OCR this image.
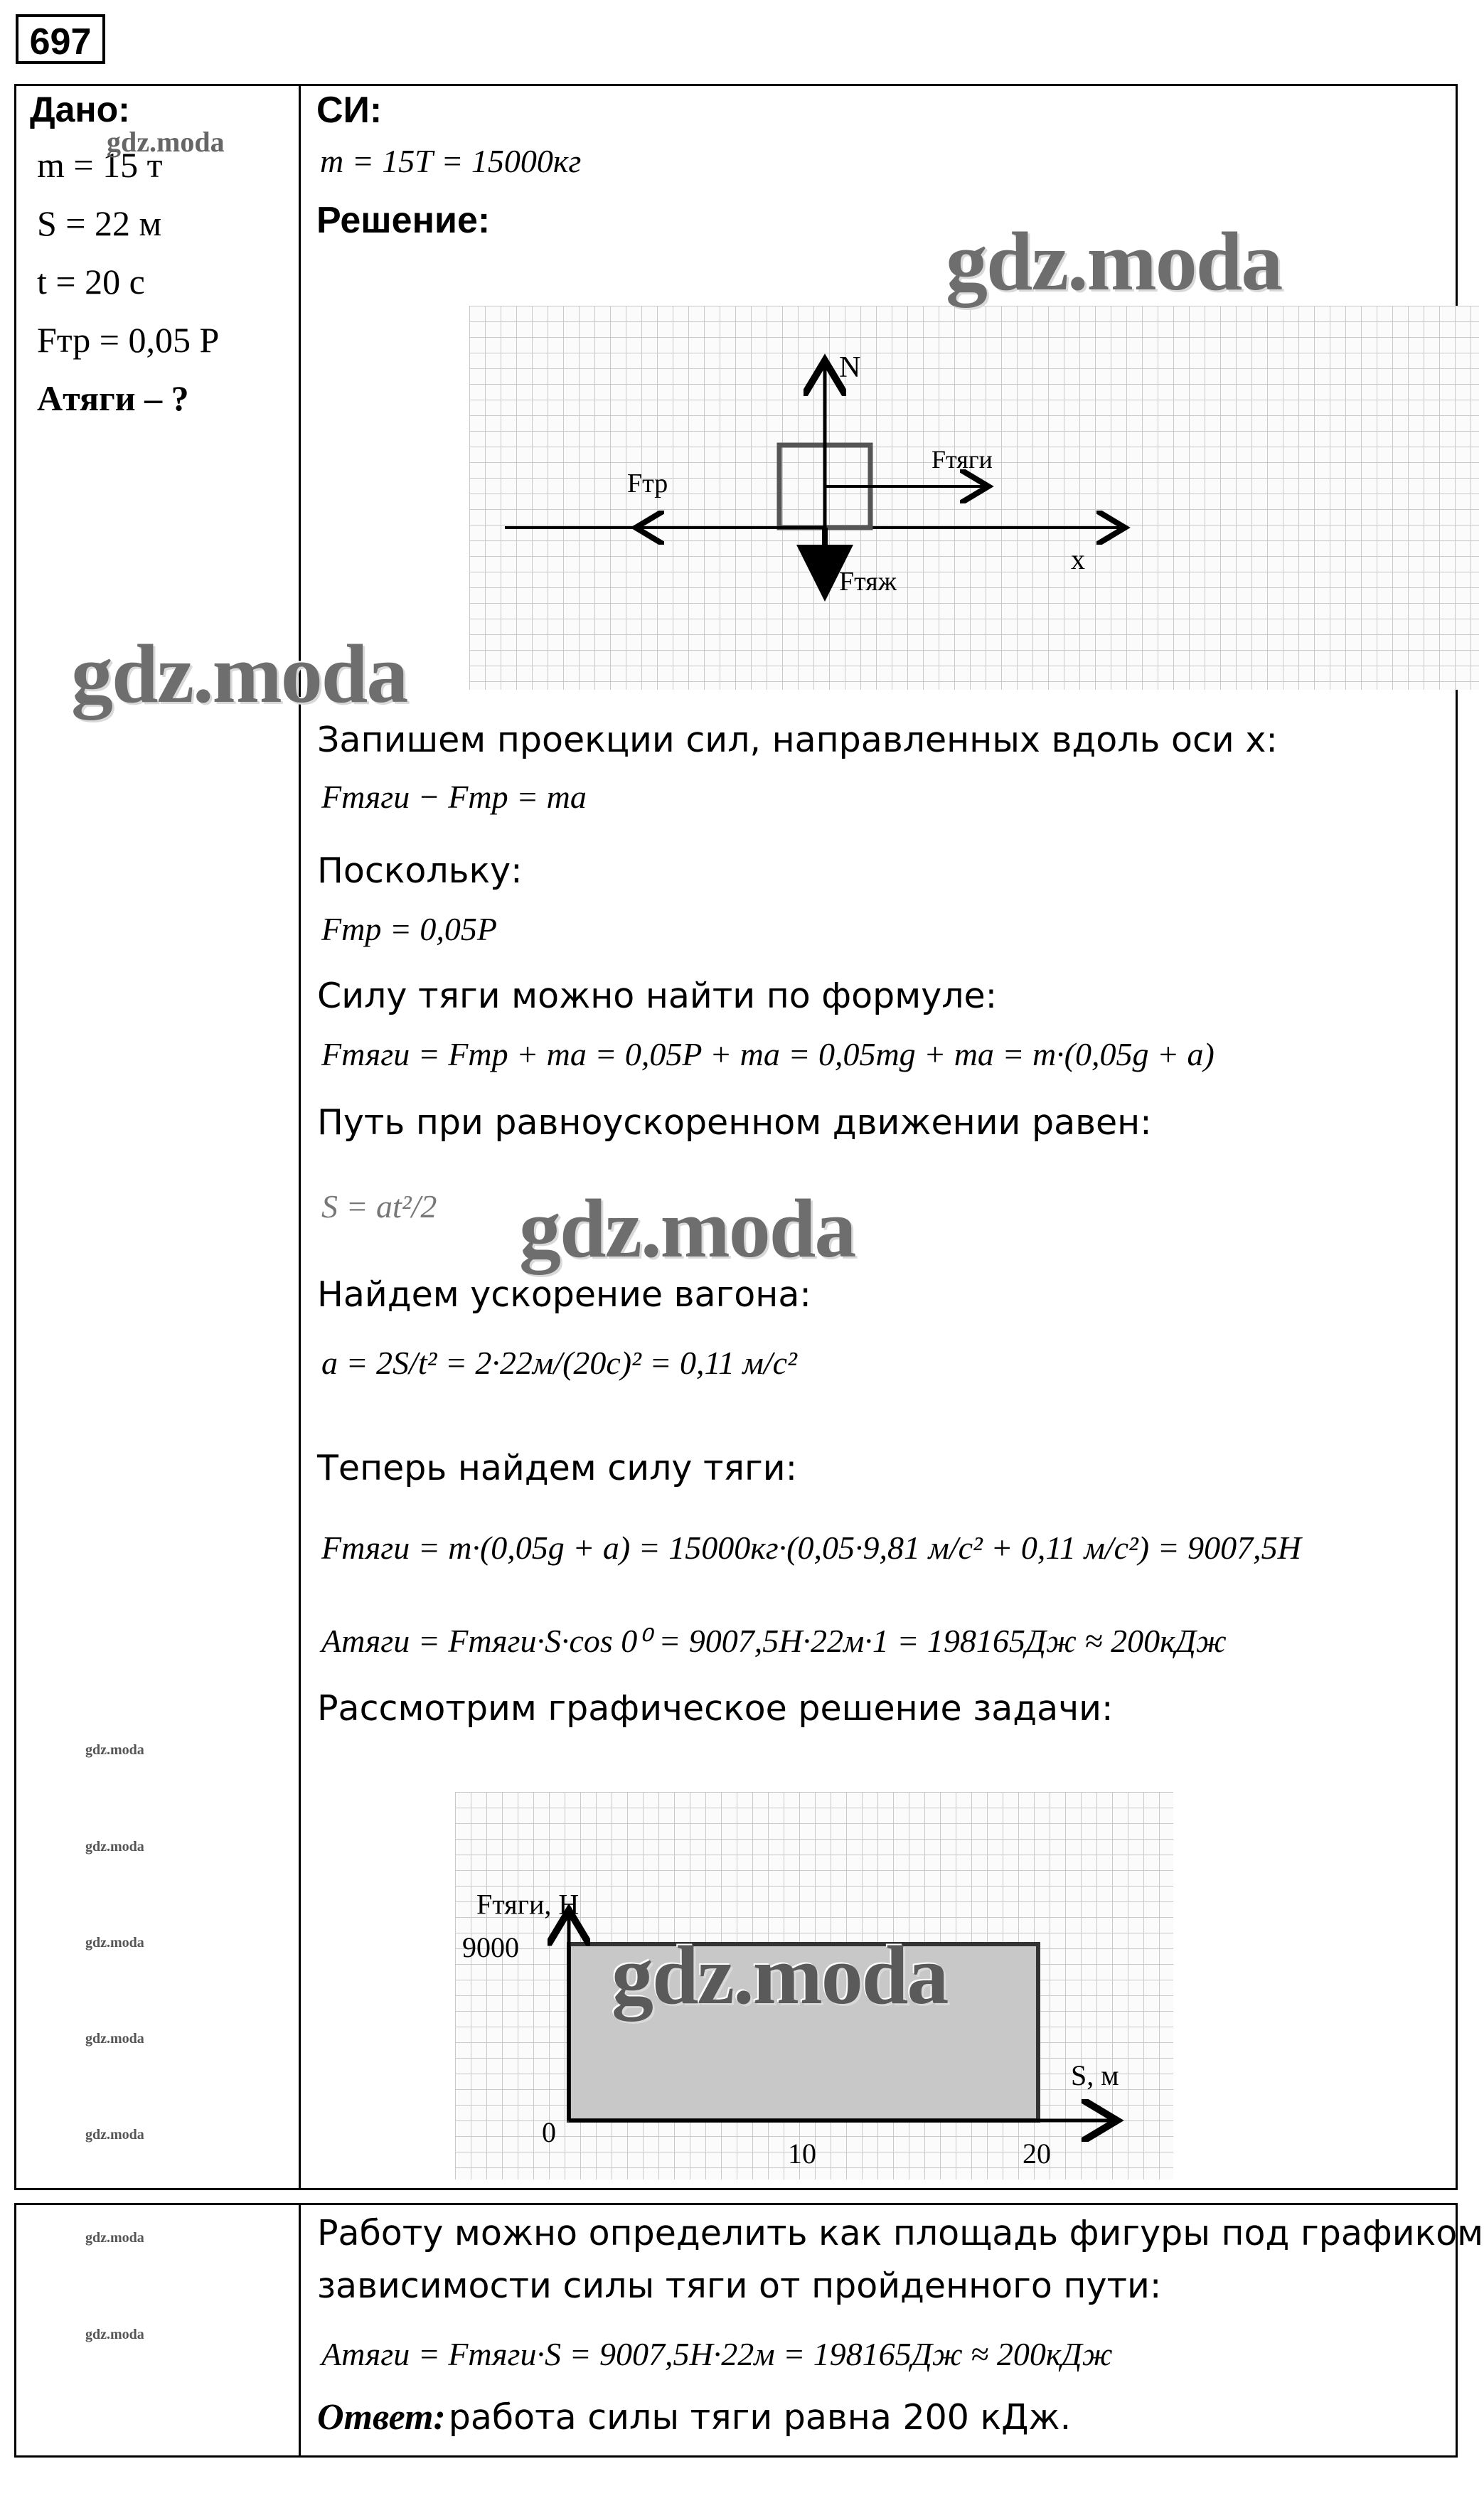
697
Дано:
m = 15 т
S = 22 м
t = 20 с
Fтр = 0,05 P
Aтяги – ?
СИ:
m = 15Т = 15000кг
Решение:
N
Fтяги
Fтр
Fтяж
x
Запишем проекции сил, направленных вдоль оси x:
Fтяги − Fтр = ma
Поскольку:
Fтр = 0,05P
Силу тяги можно найти по формуле:
Fтяги = Fтр + ma = 0,05P + ma = 0,05mg + ma = m·(0,05g + a)
Путь при равноускоренном движении равен:
S = at²/2
Найдем ускорение вагона:
a = 2S/t² = 2·22м/(20с)² = 0,11 м/с²
Теперь найдем силу тяги:
Fтяги = m·(0,05g + a) = 15000кг·(0,05·9,81 м/с² + 0,11 м/с²) = 9007,5Н
Aтяги = Fтяги·S·cos 0⁰ = 9007,5Н·22м·1 = 198165Дж ≈ 200кДж
Рассмотрим графическое решение задачи:
Fтяги, Н
S, м
0
10	20
9000
Работу можно определить как площадь фигуры под графиком
зависимости силы тяги от пройденного пути:
Aтяги = Fтяги·S = 9007,5Н·22м = 198165Дж ≈ 200кДж
Ответ: работа силы тяги равна 200 кДж.
gdz.moda
gdz.moda
gdz.moda
gdz.moda
gdz.moda
gdz.moda
gdz.moda
gdz.moda
gdz.moda
gdz.moda
gdz.moda
gdz.moda
